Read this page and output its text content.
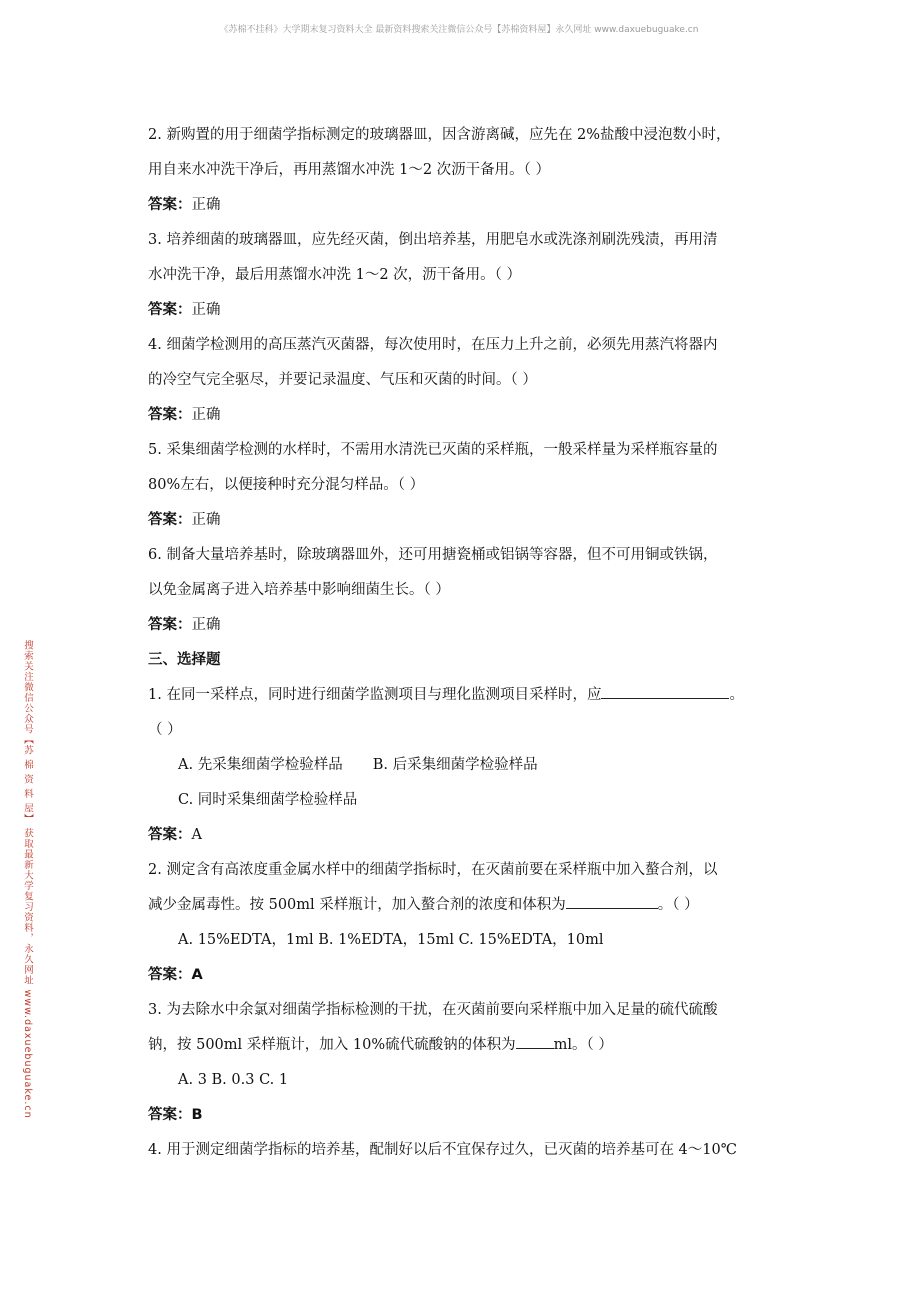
《苏棉不挂科》大学期末复习资料大全 最新资料搜索关注微信公众号【苏棉资料屋】永久网址 www.daxuebuguake.cn
搜索关注微信公众号【苏 棉 资 料 屋】 获取最新大学复习资料，永久网址 www.daxuebuguake.cn
2. 新购置的用于细菌学指标测定的玻璃器皿，因含游离碱，应先在 2%盐酸中浸泡数小时，
用自来水冲洗干净后，再用蒸馏水冲洗 1～2 次沥干备用。（ ）
答案：正确
3. 培养细菌的玻璃器皿，应先经灭菌，倒出培养基，用肥皂水或洗涤剂刷洗残渍，再用清
水冲洗干净，最后用蒸馏水冲洗 1～2 次，沥干备用。（ ）
答案：正确
4. 细菌学检测用的高压蒸汽灭菌器，每次使用时，在压力上升之前，必须先用蒸汽将器内
的冷空气完全驱尽，并要记录温度、气压和灭菌的时间。（ ）
答案：正确
5. 采集细菌学检测的水样时，不需用水清洗已灭菌的采样瓶，一般采样量为采样瓶容量的
80%左右，以便接种时充分混匀样品。（ ）
答案：正确
6. 制备大量培养基时，除玻璃器皿外，还可用搪瓷桶或铝锅等容器，但不可用铜或铁锅，
以免金属离子进入培养基中影响细菌生长。（ ）
答案：正确
三、选择题
1. 在同一采样点，同时进行细菌学监测项目与理化监测项目采样时，应	。
（ ）
A. 先采集细菌学检验样品 B. 后采集细菌学检验样品
C. 同时采集细菌学检验样品
答案：A
2. 测定含有高浓度重金属水样中的细菌学指标时，在灭菌前要在采样瓶中加入螯合剂，以
减少金属毒性。按 500ml 采样瓶计，加入螯合剂的浓度和体积为	。（ ）
A. 15%EDTA，1ml B. 1%EDTA，15ml C. 15%EDTA，10ml
答案：A
3. 为去除水中余氯对细菌学指标检测的干扰，在灭菌前要向采样瓶中加入足量的硫代硫酸
钠，按 500ml 采样瓶计，加入 10%硫代硫酸钠的体积为	ml。（ ）
A. 3 B. 0.3 C. 1
答案：B
4. 用于测定细菌学指标的培养基，配制好以后不宜保存过久，已灭菌的培养基可在 4～10℃
